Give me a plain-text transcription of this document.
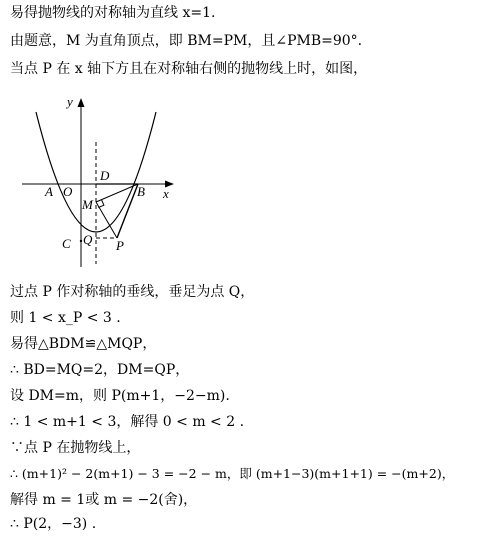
易得抛物线的对称轴为直线 x=1.
由题意，M 为直角顶点，即 BM=PM，且∠PMB=90°.
当点 P 在 x 轴下方且在对称轴右侧的抛物线上时，如图，
y
x
A O
D
B
M
C Q P
过点 P 作对称轴的垂线，垂足为点 Q，
则 1 < x_P < 3 .
易得△BDM≌△MQP，
∴ BD=MQ=2，DM=QP，
设 DM=m，则 P(m+1，−2−m).
∴ 1 < m+1 < 3，解得 0 < m < 2 .
∵点 P 在抛物线上，
∴ (m+1)² − 2(m+1) − 3 = −2 − m，即 (m+1−3)(m+1+1) = −(m+2)，
解得 m = 1或 m = −2(舍)，
∴ P(2，−3) .
